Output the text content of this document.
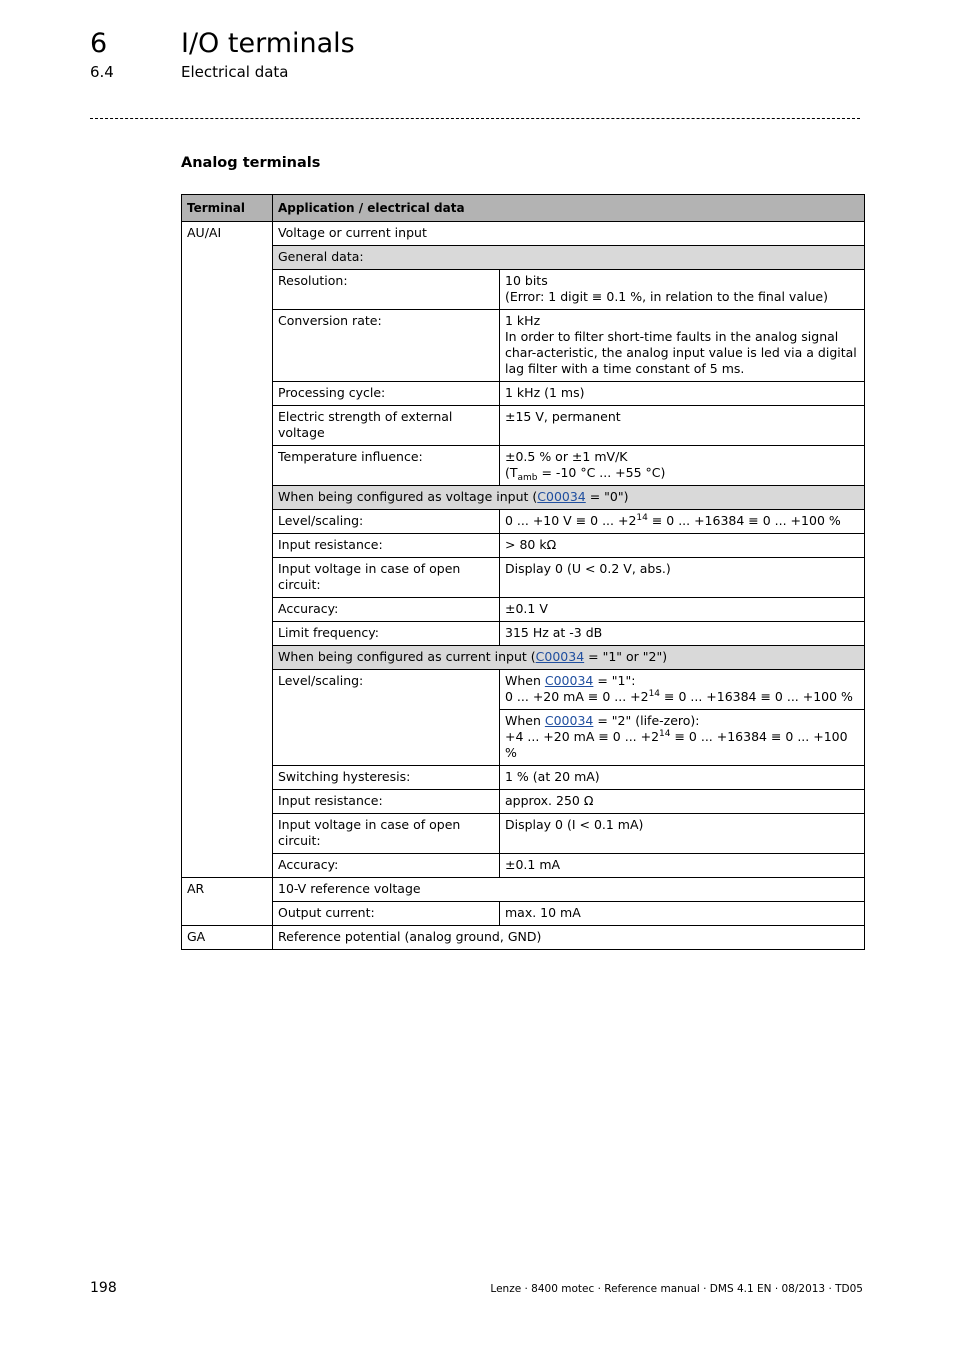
6	I/O terminals
6.4	Electrical data
Analog terminals
Terminal	Application / electrical data	
AU/AI	Voltage or current input	
	General data:	
	Resolution:	10 bits
(Error: 1 digit ≡ 0.1 %, in relation to the final value)

	Conversion rate:	1 kHz
In order to filter short-time faults in the analog signal char-acteristic, the analog input value is led via a digital lag filter with a time constant of 5 ms.

	Processing cycle:	1 kHz (1 ms)
	Electric strength of external voltage	±15 V, permanent
	Temperature influence:	±0.5 % or ±1 mV/K
($T_{amb} = -10$ °C ... +55 °C)

	When being configured as voltage input (C00034 = "0")	
	Level/scaling:	0 ... +10 V ≡ 0 ... $+2^{14} \equiv 0$ ... +16384 ≡ 0 ... +100 %
	Input resistance:	> 80 kΩ
	Input voltage in case of open circuit:	Display 0 (U < 0.2 V, abs.)
	Accuracy:	±0.1 V
	Limit frequency:	315 Hz at -3 dB
	When being configured as current input (C00034 = "1" or "2")	
	Level/scaling:	When C00034 = "1":
0 ... +20 mA ≡ 0 ... $+2^{14} \equiv 0$ ... +16384 ≡ 0 ... +100 %

		When C00034 = "2" (life-zero):
+4 ... +20 mA ≡ 0 ... $+2^{14} \equiv 0$ ... +16384 ≡ 0 ... +100 %

	Switching hysteresis:	1 % (at 20 mA)
	Input resistance:	approx. 250 Ω
	Input voltage in case of open circuit:	Display 0 (I < 0.1 mA)
	Accuracy:	±0.1 mA
AR	10-V reference voltage	
	Output current:	max. 10 mA
GA	Reference potential (analog ground, GND)	
198	Lenze · 8400 motec · Reference manual · DMS 4.1 EN · 08/2013 · TD05
